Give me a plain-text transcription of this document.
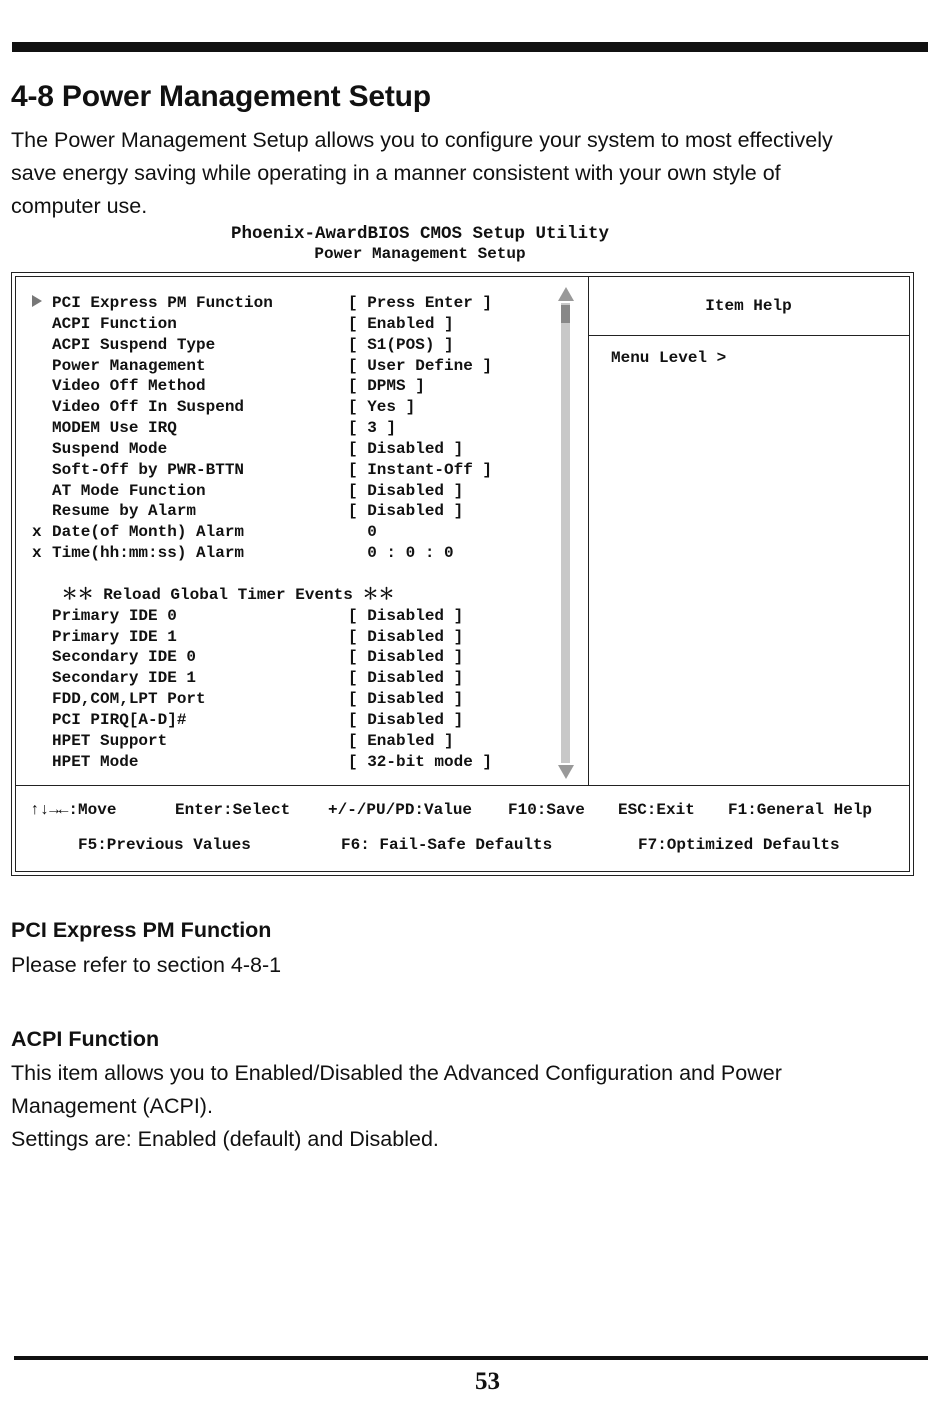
4-8 Power Management Setup
The Power Management Setup allows you to configure your system to most effectively
save energy saving while operating in a manner consistent with your own style of
computer use.
Phoenix-AwardBIOS CMOS Setup Utility
Power Management Setup
PCI Express PM Function	[ Press Enter ]
ACPI Function	[ Enabled ]
ACPI Suspend Type	[ S1(POS) ]
Power Management	[ User Define ]
Video Off Method	[ DPMS ]
Video Off In Suspend	[ Yes ]
MODEM Use IRQ	[ 3 ]
Suspend Mode	[ Disabled ]
Soft-Off by PWR-BTTN	[ Instant-Off ]
AT Mode Function	[ Disabled ]
Resume by Alarm	[ Disabled ]
x Date(of Month) Alarm	0
x Time(hh:mm:ss) Alarm	0 : 0 : 0
＊＊ Reload Global Timer Events ＊＊
Primary IDE 0	[ Disabled ]
Primary IDE 1	[ Disabled ]
Secondary IDE 0	[ Disabled ]
Secondary IDE 1	[ Disabled ]
FDD,COM,LPT Port	[ Disabled ]
PCI PIRQ[A-D]#	[ Disabled ]
HPET Support	[ Enabled ]
HPET Mode	[ 32-bit mode ]
Item Help
Menu Level >

↑↓→←:Move

	Enter:Select

+/-/PU/PD:Value

F10:Save

ESC:Exit

F1:General Help

F5:Previous Values

	F6: Fail-Safe Defaults

	F7:Optimized Defaults

PCI Express PM Function
Please refer to section 4-8-1
ACPI Function
This item allows you to Enabled/Disabled the Advanced Configuration and Power
Management (ACPI).
Settings are: Enabled (default) and Disabled.
53
